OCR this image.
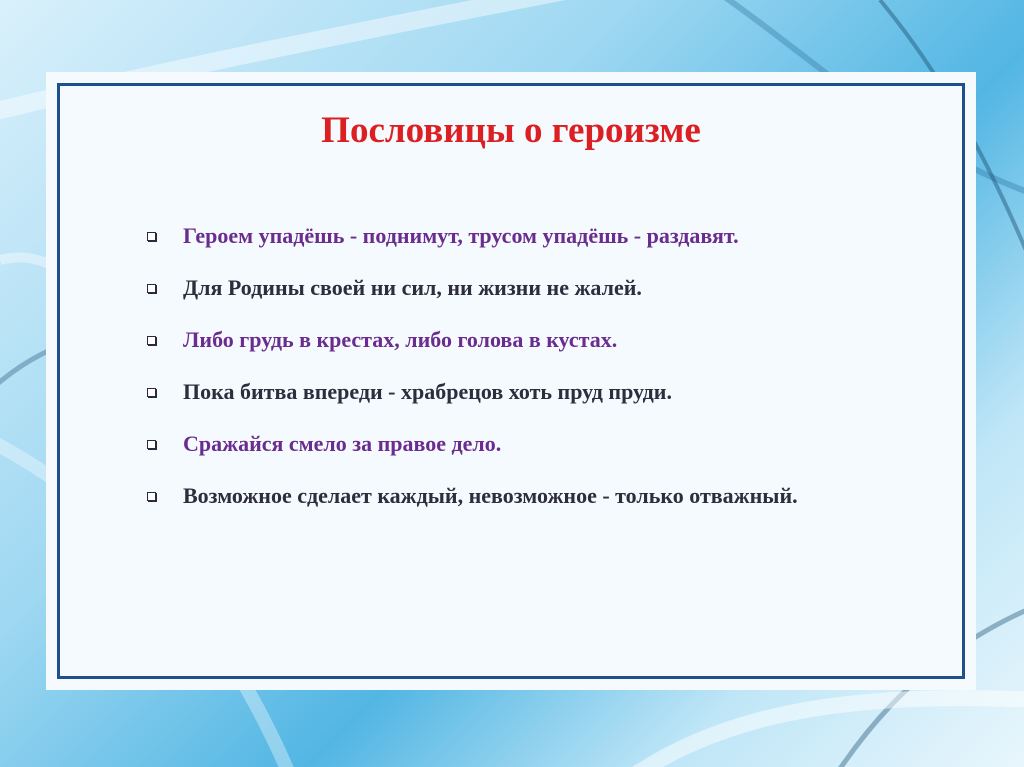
Пословицы о героизме
Героем упадёшь - поднимут, трусом упадёшь - раздавят.
Для Родины своей ни сил, ни жизни не жалей.
Либо грудь в крестах, либо голова в кустах.
Пока битва впереди - храбрецов хоть пруд пруди.
Сражайся смело за правое дело.
Возможное сделает каждый, невозможное - только отважный.
